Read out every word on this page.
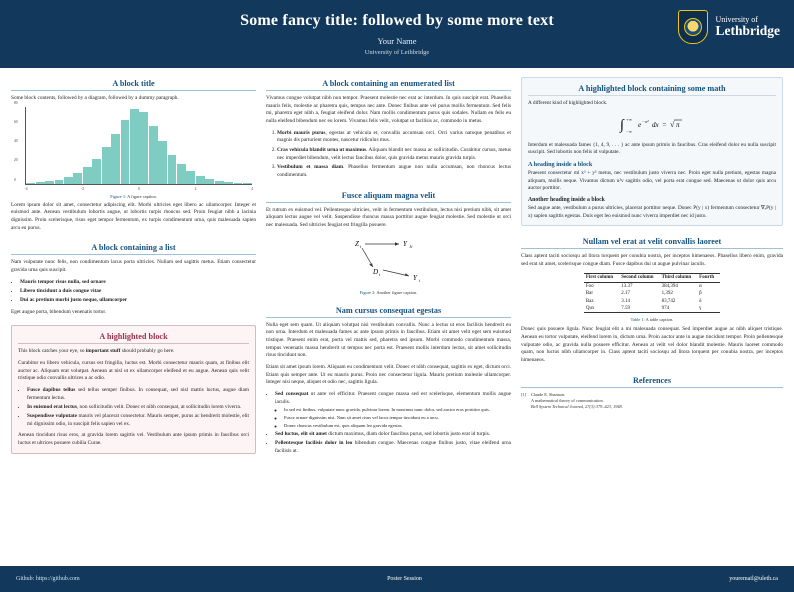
Some fancy title: followed by some more text
Your Name
University of Lethbridge
University of
Lethbridge
A block title

Some block contents, followed by a diagram, followed by a dummy paragraph.

0
20
40
60
80
-4	-2	0	2	4
Figure 1: A figure caption.

Lorem ipsum dolor sit amet, consectetur adipiscing elit. Morbi ultricies eget libero ac ullamcorper. Integer et euismod ante. Aenean vestibulum lobortis augue, ut lobortis turpis rhoncus sed. Proin feugiat nibh a lacinia dignissim. Proin scelerisque, risus eget tempor fermentum, ex turpis condimentum urna, quis malesuada sapien arcu eu purus.

A block containing a list

Nam vulputate nunc felis, non condimentum lacus porta ultricies. Nullam sed sagittis metus. Etiam consectetur gravida urna quis suscipit.

• Mauris tempor risus nulla, sed ornare
• Libero tincidunt a duis congue vitae
• Dui ac pretium morbi justo neque, ullamcorper

Eget augue porta, bibendum venenatis tortor.

A highlighted block

This block catches your eye, so important stuff should probably go here.

Curabitur eu libero vehicula, cursus est fringilla, luctus est. Morbi consectetur mauris quam, at finibus elit auctor ac. Aliquam erat volutpat. Aenean at nisl ut ex ullamcorper eleifend et eu augue. Aenean quis velit tristique odio convallis ultrices a ac odio.

• Fusce dapibus tellus sed tellus semper finibus. In consequat, sed nisl mattis luctus, augue diam fermentum lectus.
• In euismod erat lectus, non sollicitudin velit. Donec et nibh consequat, at sollicitudin lorem viverra.
• Suspendisse vulputate mauris vel placerat consectetur. Mauris semper, purus ac hendrerit molestie, elit mi dignissim odio, in suscipit felis sapien vel ex.

Aenean tincidunt risus eros, at gravida lorem sagittis vel. Vestibulum ante ipsum primis in faucibus orci luctus et ultrices posuere cubilia Curae.

A block containing an enumerated list

Vivamus congue volutpat nibh non tempor. Praesent molestie nec erat ac interdum. In quis suscipit erat. Phasellus mauris felis, molestie ac pharetra quis, tempus nec ante. Donec finibus ante vel purus mollis fermentum. Sed felis mi, pharetra eget nibh a, feugiat eleifend dolor. Nam mollis condimentum purus quis sodales. Nullam eu felis eu nulla eleifend bibendum nec eu lorem. Vivamus felis velit, volutpat ut facilisis ac, commodo in metus.

1. Morbi mauris purus, egestas at vehicula et, convallis accumsan orci. Orci varius natoque penatibus et magnis dis parturient montes, nascetur ridiculus mus.
2. Cras vehicula blandit urna ut maximus. Aliquam blandit nec massa ac sollicitudin. Curabitur cursus, metus nec imperdiet bibendum, velit lectus faucibus dolor, quis gravida metus mauris gravida turpis.
3. Vestibulum et massa diam. Phasellus fermentum augue non nulla accumsan, non rhoncus lectus condimentum.
Fusce aliquam magna velit

Et rutrum ex euismod vel. Pellentesque ultricies, velit in fermentum vestibulum, lectus nisi pretium nibh, sit amet aliquam lectus augue vel velit. Suspendisse rhoncus massa porttitor augue feugiat molestie. Sed molestie ut orci nec malesuada. Sed ultricies feugiat est fringilla posuere.

Z i	Y 1i
D i	Y i
Figure 2: Another figure caption.
Nam cursus consequat egestas

Nulla eget sem quam. Ut aliquam volutpat nisi vestibulum convallis. Nunc a lectus ut eros facilisis hendrerit eu non urna. Interdum et malesuada fames ac ante ipsum primis in faucibus. Etiam sit amet velit eget sem euismod tristique. Praesent enim erat, porta vel mattis sed, pharetra sed ipsum. Morbi commodo condimentum massa, tempus venenatis massa hendrerit ut tempus nec porta est. Praesent mollis interdum lectus, sit amet sollicitudin risus tincidunt non.

Etiam sit amet ipsum lorem. Aliquam eu condimentum velit. Donec et nibh consequat, sagittis ex eget, dictum orci. Etiam quis semper ante. Ut eu mauris purus. Proin nec consectetur ligula. Mauris pretium molestie ullamcorper. Integer nisi neque, aliquet et odio nec, sagittis ligula.

• Sed consequat ut ante vel efficitur. Praesent congue massa sed est scelerisque, elementum mollis augue iaculis.
◦ In sed est finibus, vulputate nunc gravida, pulvinar lorem. In maximus nunc dolor, sed auctor eros porttitor quis.
◦ Fusce ornare dignissim nisi. Nam sit amet risus vel lacus tempor tincidunt eu a arcu.
◦ Donec rhoncus vestibulum est, quis aliquam leo gravida egestas.
• Sed luctus, elit sit amet dictum maximus, diam dolor faucibus purus, sed lobortis justo erat id turpis.
• Pellentesque facilisis dolor in leo bibendum congue. Maecenas congue finibus justo, vitae eleifend urna facilisis at.
A highlighted block containing some math

A different kind of highlighted block.

∫ +∞
−∞
e −x² dx = √ π

Interdum et malesuada fames {1, 4, 9, . . . } ac ante ipsum primis in faucibus. Cras eleifend dolor eu nulla suscipit suscipit. Sed lobortis non felis id vulputate.

A heading inside a block

Praesent consectetur mi x² + y² metus, nec vestibulum justo viverra nec. Proin eget nulla pretium, egestas magna aliquam, mollis neque. Vivamus dictum u²v sagittis odio, vel porta erat congue sed. Maecenas ut dolor quis arcu auctor porttitor.

Another heading inside a block

Sed augue ante, vestibulum a purus ultricies, placerat porttitor neque. Donec P(y | x) fermentum consectetur ∇ₓP(y | x) sapien sagittis egestas. Duis eget leo euismod nunc viverra imperdiet nec id justo.

Nullam vel erat at velit convallis laoreet

Class aptent taciti sociosqu ad litora torquent per conubia nostra, per inceptos himenaeos. Phasellus libero enim, gravida sed erat sit amet, scelerisque congue diam. Fusce dapibus dui ut augue pulvinar iaculis.

First column	Second column	Third column	Fourth
Foo	13.37	384,394	α
Bar	2.17	1,392	β
Baz	3.14	83,742	δ
Qux	7.59	974	γ
Table 1: A table caption.

Donec quis posuere ligula. Nunc feugiat elit a mi malesuada consequat. Sed imperdiet augue ac nibh aliquet tristique. Aenean eu tortor vulputate, eleifend lorem in, dictum urna. Proin auctor ante in augue tincidunt tempor. Proin pellentesque vulputate odio, ac gravida nulla posuere efficitur. Aenean at velit vel dolor blandit molestie. Mauris laoreet commodo quam, non luctus nibh ullamcorper in. Class aptent taciti sociosqu ad litora torquent per conubia nostra, per inceptos himenaeos.

References
[1] Claude E. Shannon.
A mathematical theory of communication.
Bell System Technical Journal, 27(3):379–423, 1948.
Github: https://github.com	Poster Session	youremail@uleth.ca
